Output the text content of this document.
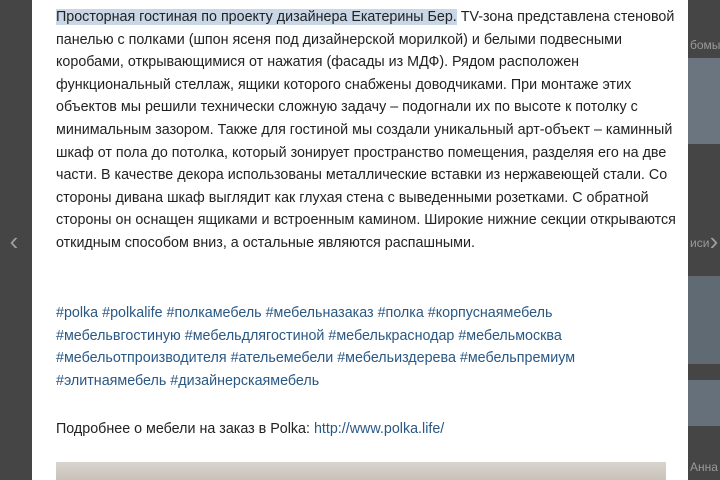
бомы
иси
Анна
‹	›

Просторная гостиная по проекту дизайнера Екатерины Бер. TV-зона представлена стеновой панелью с полками (шпон ясеня под дизайнерской морилкой) и белыми подвесными коробами, открывающимися от нажатия (фасады из МДФ). Рядом расположен функциональный стеллаж, ящики которого снабжены доводчиками. При монтаже этих объектов мы решили технически сложную задачу – подогнали их по высоте к потолку с минимальным зазором. Также для гостиной мы создали уникальный арт-объект – каминный шкаф от пола до потолка, который зонирует пространство помещения, разделяя его на две части. В качестве декора использованы металлические вставки из нержавеющей стали. Со стороны дивана шкаф выглядит как глухая стена с выведенными розетками. С обратной стороны он оснащен ящиками и встроенным камином. Широкие нижние секции открываются откидным способом вниз, а остальные являются распашными.

#polka #polkalife #полкамебель #мебельназаказ #полка #корпуснаямебель #мебельвгостиную #мебельдлягостиной #мебелькраснодар #мебельмосква #мебельотпроизводителя #ательемебели #мебельиздерева #мебельпремиум #элитнаямебель #дизайнерскаямебель

Подробнее о мебели на заказ в Polka: http://www.polka.life/
